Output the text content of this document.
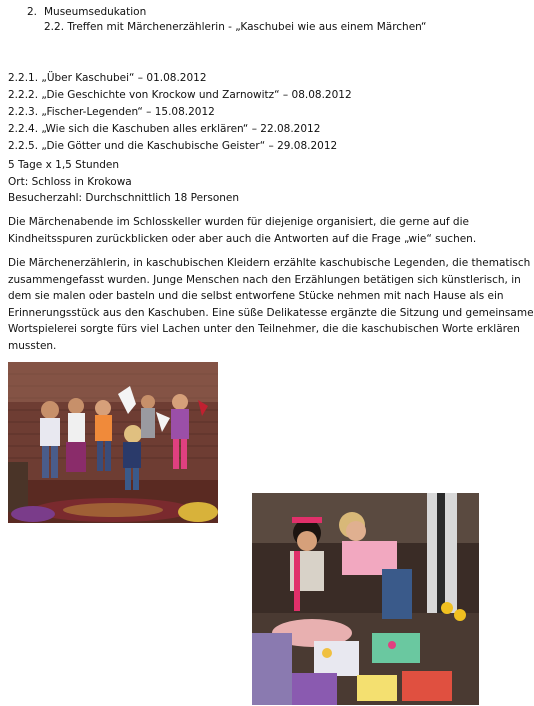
2. Museumsedukation
2.2. Treffen mit Märchenerzählerin - „Kaschubei wie aus einem Märchen“
2.2.1. „Über Kaschubei“ – 01.08.2012
2.2.2. „Die Geschichte von Krockow und Zarnowitz“ – 08.08.2012
2.2.3. „Fischer-Legenden“ – 15.08.2012
2.2.4. „Wie sich die Kaschuben alles erklären“ – 22.08.2012
2.2.5. „Die Götter und die Kaschubische Geister“ – 29.08.2012
5 Tage x 1,5 Stunden
Ort: Schloss in Krokowa
Besucherzahl: Durchschnittlich 18 Personen
Die Märchenabende im Schlosskeller wurden für diejenige organisiert, die gerne auf die
Kindheitsspuren zurückblicken oder aber auch die Antworten auf die Frage „wie“ suchen.
Die Märchenerzählerin, in kaschubischen Kleidern erzählte kaschubische Legenden, die thematisch
zusammengefasst wurden. Junge Menschen nach den Erzählungen betätigen sich künstlerisch, in
dem sie malen oder basteln und die selbst entworfene Stücke nehmen mit nach Hause als ein
Erinnerungsstück aus den Kaschuben. Eine süße Delikatesse ergänzte die Sitzung und gemeinsame
Wortspielerei sorgte fürs viel Lachen unter den Teilnehmer, die die kaschubischen Worte erklären
mussten.
